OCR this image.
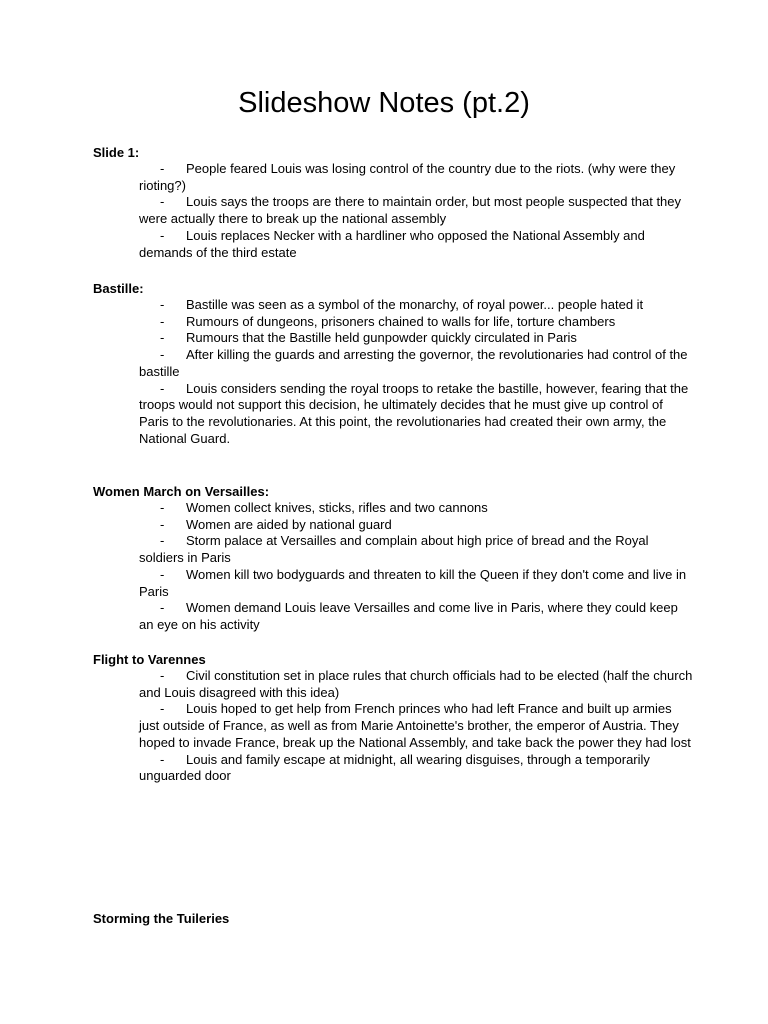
Slideshow Notes (pt.2)
Slide 1:

- People feared Louis was losing control of the country due to the riots. (why were they rioting?)

- Louis says the troops are there to maintain order, but most people suspected that they were actually there to break up the national assembly

- Louis replaces Necker with a hardliner who opposed the National Assembly and demands of the third estate

Bastille:

- Bastille was seen as a symbol of the monarchy, of royal power... people hated it

- Rumours of dungeons, prisoners chained to walls for life, torture chambers

- Rumours that the Bastille held gunpowder quickly circulated in Paris

- After killing the guards and arresting the governor, the revolutionaries had control of the bastille

- Louis considers sending the royal troops to retake the bastille, however, fearing that the troops would not support this decision, he ultimately decides that he must give up control of Paris to the revolutionaries. At this point, the revolutionaries had created their own army, the National Guard.

Women March on Versailles:

- Women collect knives, sticks, rifles and two cannons

- Women are aided by national guard

- Storm palace at Versailles and complain about high price of bread and the Royal soldiers in Paris

- Women kill two bodyguards and threaten to kill the Queen if they don't come and live in Paris

- Women demand Louis leave Versailles and come live in Paris, where they could keep an eye on his activity

Flight to Varennes

- Civil constitution set in place rules that church officials had to be elected (half the church and Louis disagreed with this idea)

- Louis hoped to get help from French princes who had left France and built up armies just outside of France, as well as from Marie Antoinette's brother, the emperor of Austria. They hoped to invade France, break up the National Assembly, and take back the power they had lost

- Louis and family escape at midnight, all wearing disguises, through a temporarily unguarded door

Storming the Tuileries
